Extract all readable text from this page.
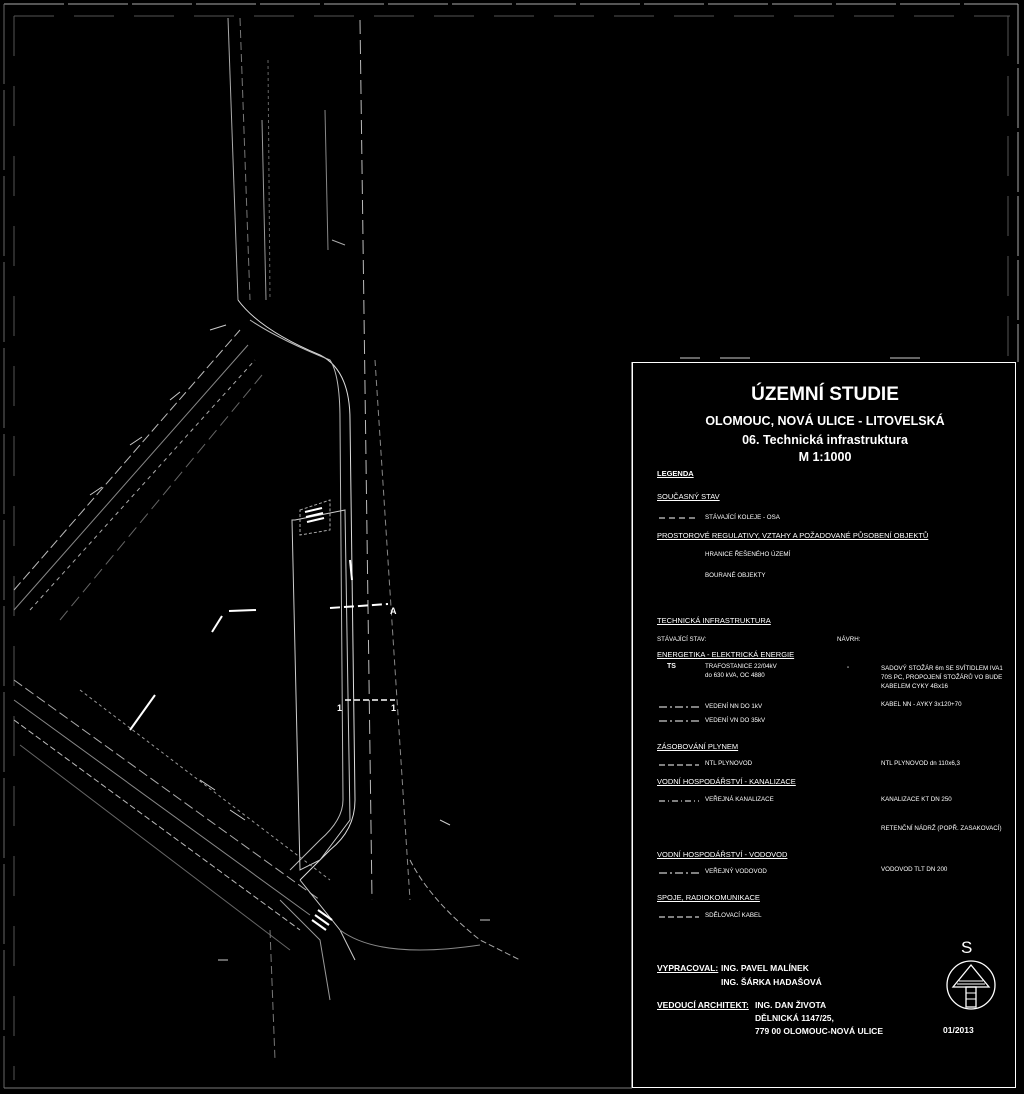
A
1	1
ÚZEMNÍ STUDIE
OLOMOUC, NOVÁ ULICE - LITOVELSKÁ
06. Technická infrastruktura
M 1:1000
LEGENDA
SOUČASNÝ STAV
STÁVAJÍCÍ KOLEJE - OSA
PROSTOROVÉ REGULATIVY, VZTAHY A POŽADOVANÉ PŮSOBENÍ OBJEKTŮ
HRANICE ŘEŠENÉHO ÚZEMÍ
BOURANÉ OBJEKTY
TECHNICKÁ INFRASTRUKTURA
STÁVAJÍCÍ STAV:	NÁVRH:
ENERGETIKA - ELEKTRICKÁ ENERGIE
TS	TRAFOSTANICE 22/04kV
do 630 kVA, OC 4880
▫	SADOVÝ STOŽÁR 6m SE SVÍTIDLEM IVA1
70S PC, PROPOJENÍ STOŽÁRŮ VO BUDE
KABELEM CYKY 4Bx16
VEDENÍ NN DO 1kV	KABEL NN - AYKY 3x120+70
VEDENÍ VN DO 35kV
ZÁSOBOVÁNÍ PLYNEM
NTL PLYNOVOD	NTL PLYNOVOD dn 110x6,3
VODNÍ HOSPODÁŘSTVÍ - KANALIZACE
VEŘEJNÁ KANALIZACE	KANALIZACE KT DN 250
RETENČNÍ NÁDRŽ (POPŘ. ZASAKOVACÍ)
VODNÍ HOSPODÁŘSTVÍ - VODOVOD
VEŘEJNÝ VODOVOD	VODOVOD TLT DN 200
SPOJE, RADIOKOMUNIKACE
SDĚLOVACÍ KABEL
VYPRACOVAL: ING. PAVEL MALÍNEK
ING. ŠÁRKA HADAŠOVÁ
VEDOUCÍ ARCHITEKT: ING. DAN ŽIVOTA
DĚLNICKÁ 1147/25,
779 00 OLOMOUC-NOVÁ ULICE	01/2013
S
